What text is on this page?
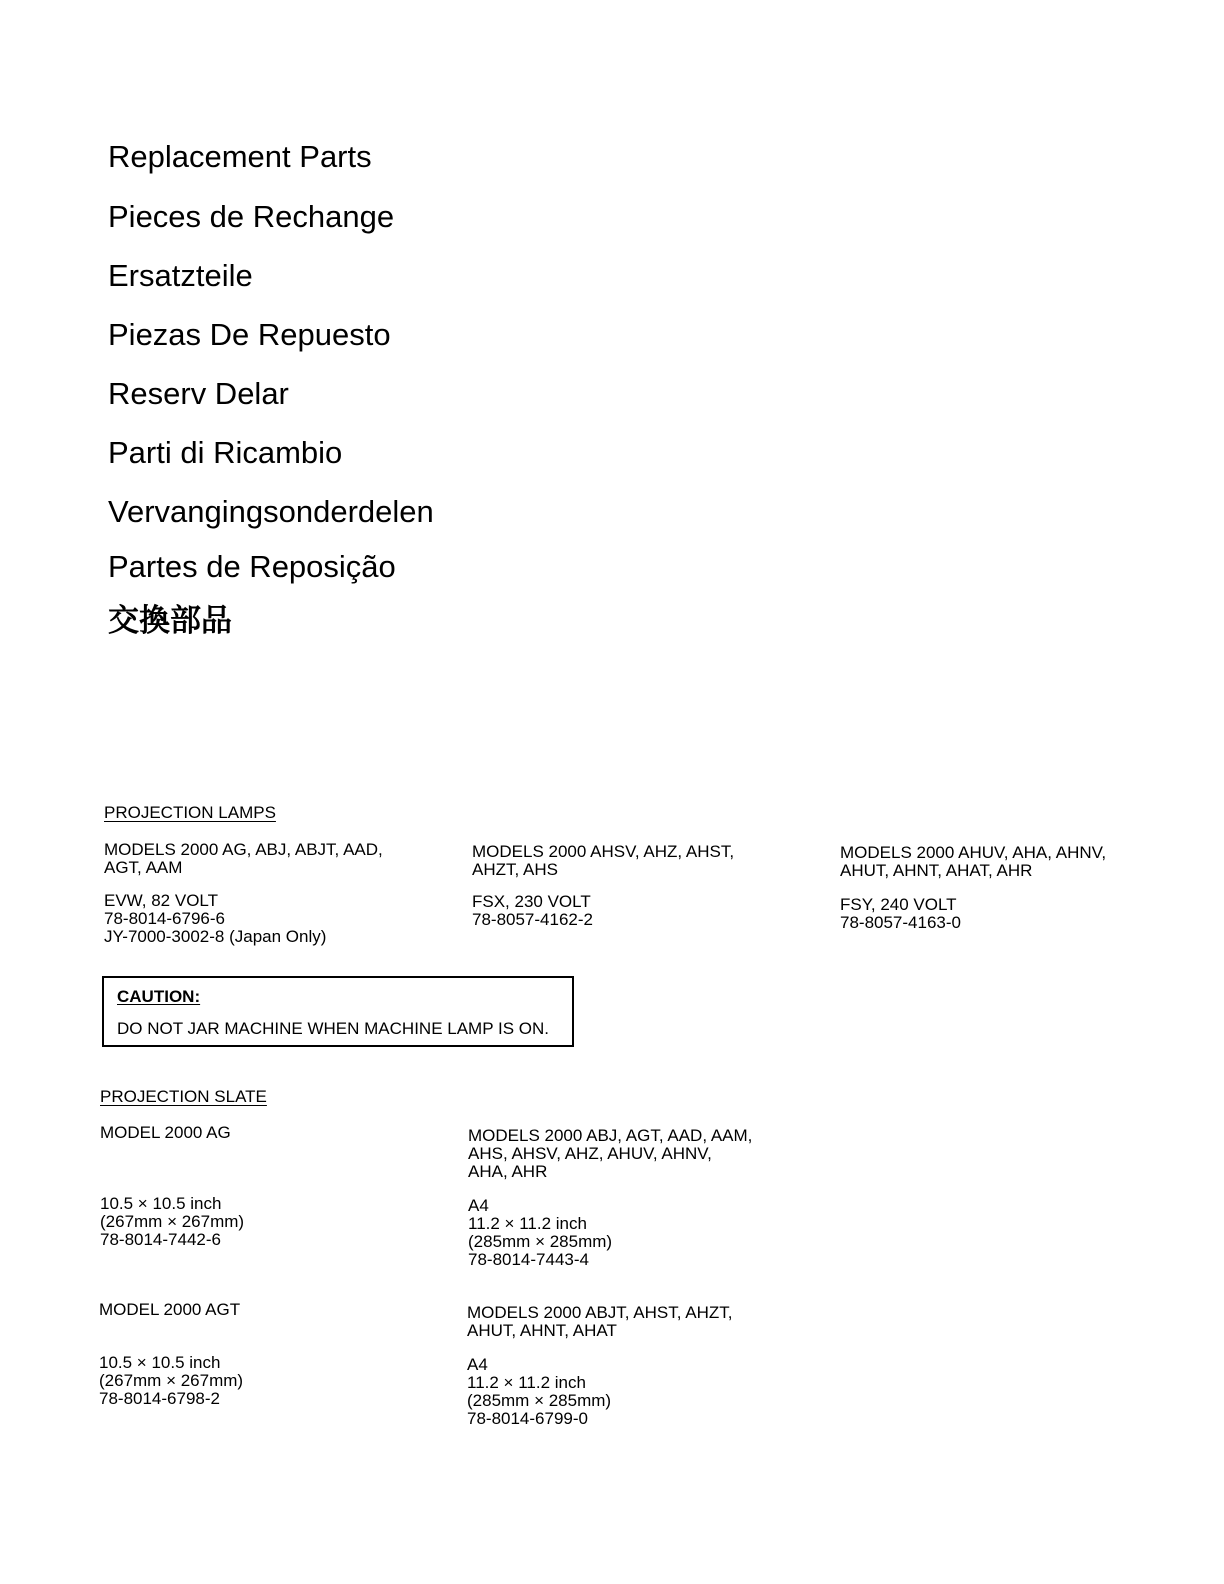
Replacement Parts
Pieces de Rechange
Ersatzteile
Piezas De Repuesto
Reserv Delar
Parti di Ricambio
Vervangingsonderdelen
Partes de Reposição
交換部品
PROJECTION LAMPS
MODELS 2000 AG, ABJ, ABJT, AAD,
AGT, AAM
EVW, 82 VOLT
78-8014-6796-6
JY-7000-3002-8 (Japan Only)
MODELS 2000 AHSV, AHZ, AHST,
AHZT, AHS
FSX, 230 VOLT
78-8057-4162-2
MODELS 2000 AHUV, AHA, AHNV,
AHUT, AHNT, AHAT, AHR
FSY, 240 VOLT
78-8057-4163-0
CAUTION:
DO NOT JAR MACHINE WHEN MACHINE LAMP IS ON.
PROJECTION SLATE
MODEL 2000 AG
10.5 × 10.5 inch
(267mm × 267mm)
78-8014-7442-6
MODELS 2000 ABJ, AGT, AAD, AAM,
AHS, AHSV, AHZ, AHUV, AHNV,
AHA, AHR
A4
11.2 × 11.2 inch
(285mm × 285mm)
78-8014-7443-4
MODEL 2000 AGT
10.5 × 10.5 inch
(267mm × 267mm)
78-8014-6798-2
MODELS 2000 ABJT, AHST, AHZT,
AHUT, AHNT, AHAT
A4
11.2 × 11.2 inch
(285mm × 285mm)
78-8014-6799-0
